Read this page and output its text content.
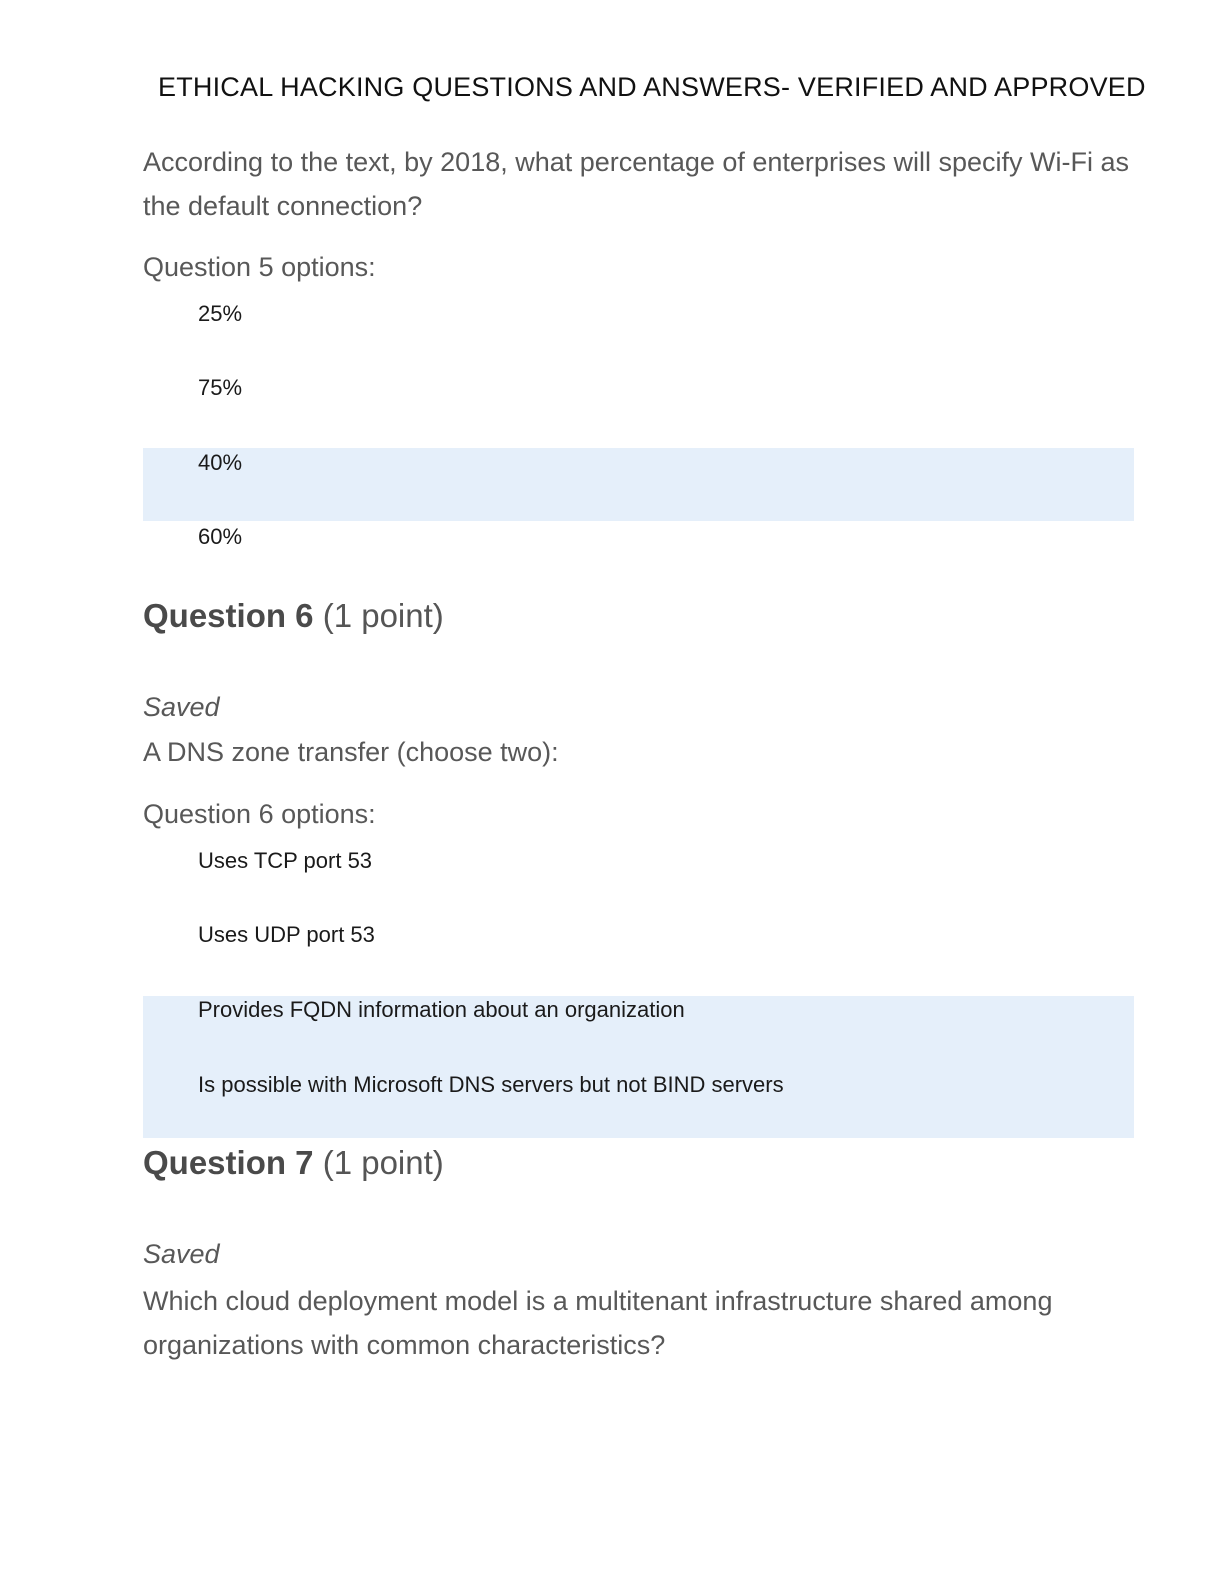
ETHICAL HACKING QUESTIONS AND ANSWERS- VERIFIED AND APPROVED
According to the text, by 2018, what percentage of enterprises will specify Wi-Fi as the default connection?
Question 5 options:
25%
75%
40%
60%
Question 6 (1 point)
Saved
A DNS zone transfer (choose two):
Question 6 options:
Uses TCP port 53
Uses UDP port 53
Provides FQDN information about an organization
Is possible with Microsoft DNS servers but not BIND servers
Question 7 (1 point)
Saved
Which cloud deployment model is a multitenant infrastructure shared among organizations with common characteristics?
